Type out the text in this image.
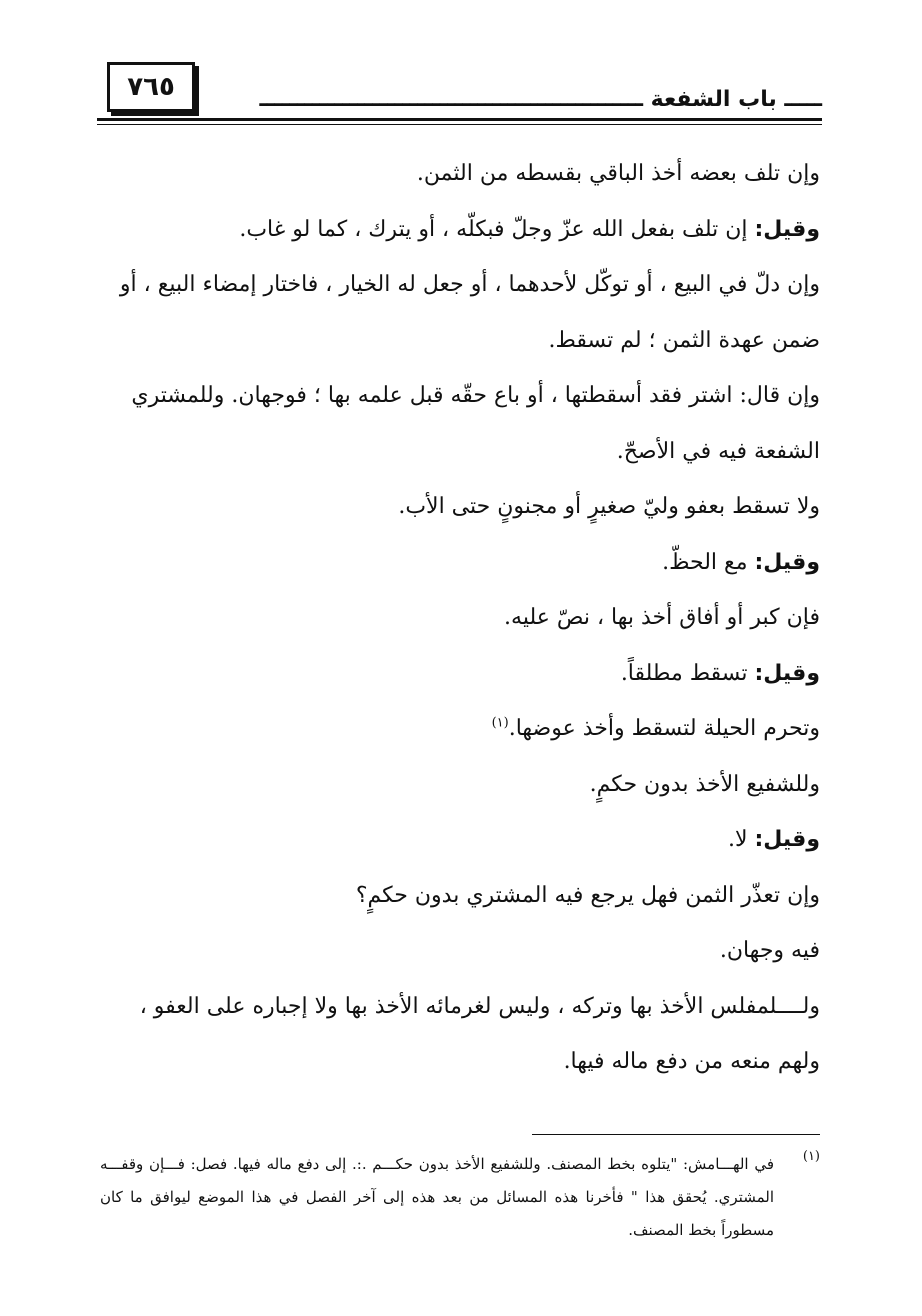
٧٦٥	ـــــ باب الشفعة ـــــــــــــــــــــــــــــــــــــــــــــــــــ

وإن تلف بعضه أخذ الباقي بقسطه من الثمن.

وقيل: إن تلف بفعل الله عزّ وجلّ فبكلّه ، أو يترك ، كما لو غاب.

وإن دلّ في البيع ، أو توكّل لأحدهما ، أو جعل له الخيار ، فاختار إمضاء البيع ، أو ضمن عهدة الثمن ؛ لم تسقط.

وإن قال: اشتر فقد أسقطتها ، أو باع حقّه قبل علمه بها ؛ فوجهان. وللمشتري الشفعة فيه في الأصحّ.

ولا تسقط بعفو وليّ صغيرٍ أو مجنونٍ حتى الأب.

وقيل: مع الحظّ.

فإن كبر أو أفاق أخذ بها ، نصّ عليه.

وقيل: تسقط مطلقاً.

وتحرم الحيلة لتسقط وأخذ عوضها.$^{(١)}$

وللشفيع الأخذ بدون حكمٍ.

وقيل: لا.

وإن تعذّر الثمن فهل يرجع فيه المشتري بدون حكمٍ؟

فيه وجهان.

ولــــلمفلس الأخذ بها وتركه ، وليس لغرمائه الأخذ بها ولا إجباره على العفو ، ولهم منعه من دفع ماله فيها.

(١)
في الهـــامش: "يتلوه بخط المصنف. وللشفيع الأخذ بدون حكـــم .:. إلى دفع ماله فيها. فصل: فـــإن وقفـــه المشتري. يُحقق هذا " فأخرنا هذه المسائل من بعد هذه إلى آخر الفصل في هذا الموضع ليوافق ما كان مسطوراً بخط المصنف.
